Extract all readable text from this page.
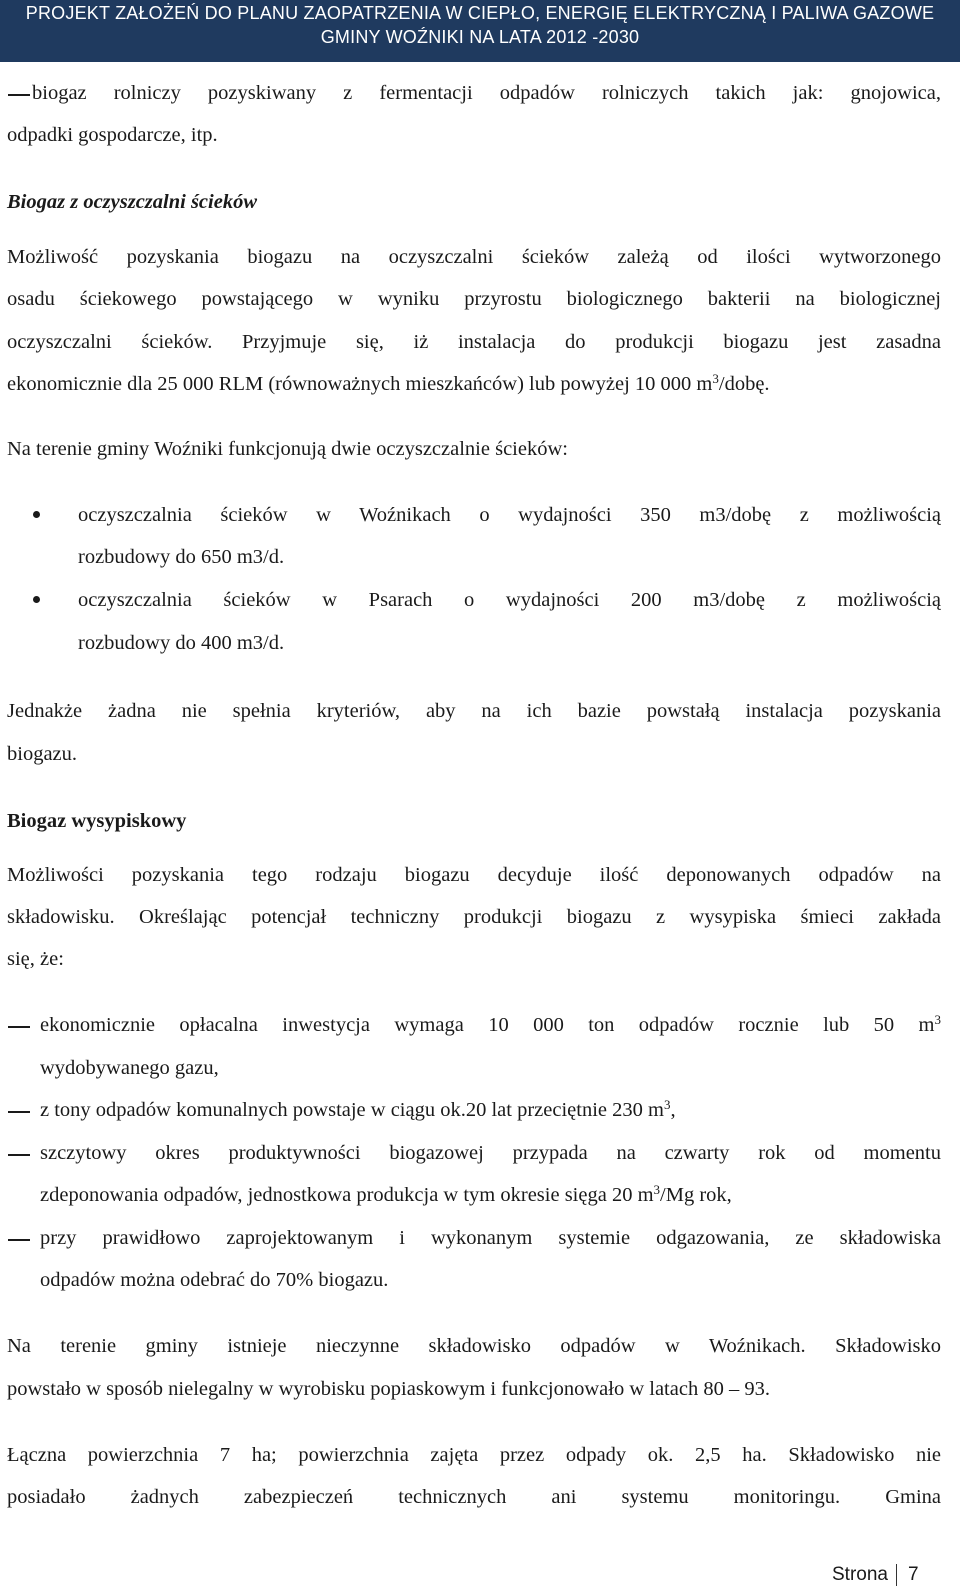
PROJEKT ZAŁOŻEŃ DO PLANU ZAOPATRZENIA W CIEPŁO, ENERGIĘ ELEKTRYCZNĄ I PALIWA GAZOWE
GMINY WOŹNIKI NA LATA 2012 -2030
biogaz rolniczy pozyskiwany z fermentacji odpadów rolniczych takich jak: gnojowica,
odpadki gospodarcze, itp.
Biogaz z oczyszczalni ścieków
Możliwość pozyskania biogazu na oczyszczalni ścieków zależą od ilości wytworzonego
osadu ściekowego powstającego w wyniku przyrostu biologicznego bakterii na biologicznej
oczyszczalni ścieków. Przyjmuje się, iż instalacja do produkcji biogazu jest zasadna
ekonomicznie dla 25 000 RLM (równoważnych mieszkańców) lub powyżej 10 000 $m^3$/dobę.
Na terenie gminy Woźniki funkcjonują dwie oczyszczalnie ścieków:
oczyszczalnia ścieków w Woźnikach o wydajności 350 m3/dobę z możliwością
rozbudowy do 650 m3/d.
oczyszczalnia ścieków w Psarach o wydajności 200 m3/dobę z możliwością
rozbudowy do 400 m3/d.
Jednakże żadna nie spełnia kryteriów, aby na ich bazie powstałą instalacja pozyskania
biogazu.
Biogaz wysypiskowy
Możliwości pozyskania tego rodzaju biogazu decyduje ilość deponowanych odpadów na
składowisku. Określając potencjał techniczny produkcji biogazu z wysypiska śmieci zakłada
się, że:
ekonomicznie opłacalna inwestycja wymaga 10 000 ton odpadów rocznie lub 50 $m^3$
wydobywanego gazu,
z tony odpadów komunalnych powstaje w ciągu ok.20 lat przeciętnie 230 $m^3$,
szczytowy okres produktywności biogazowej przypada na czwarty rok od momentu
zdeponowania odpadów, jednostkowa produkcja w tym okresie sięga 20 $m^3/Mg$ rok,
przy prawidłowo zaprojektowanym i wykonanym systemie odgazowania, ze składowiska
odpadów można odebrać do 70% biogazu.
Na terenie gminy istnieje nieczynne składowisko odpadów w Woźnikach. Składowisko
powstało w sposób nielegalny w wyrobisku popiaskowym i funkcjonowało w latach 80 – 93.
Łączna powierzchnia 7 ha; powierzchnia zajęta przez odpady ok. 2,5 ha. Składowisko nie
posiadało żadnych zabezpieczeń technicznych ani systemu monitoringu. Gmina
Strona 7
